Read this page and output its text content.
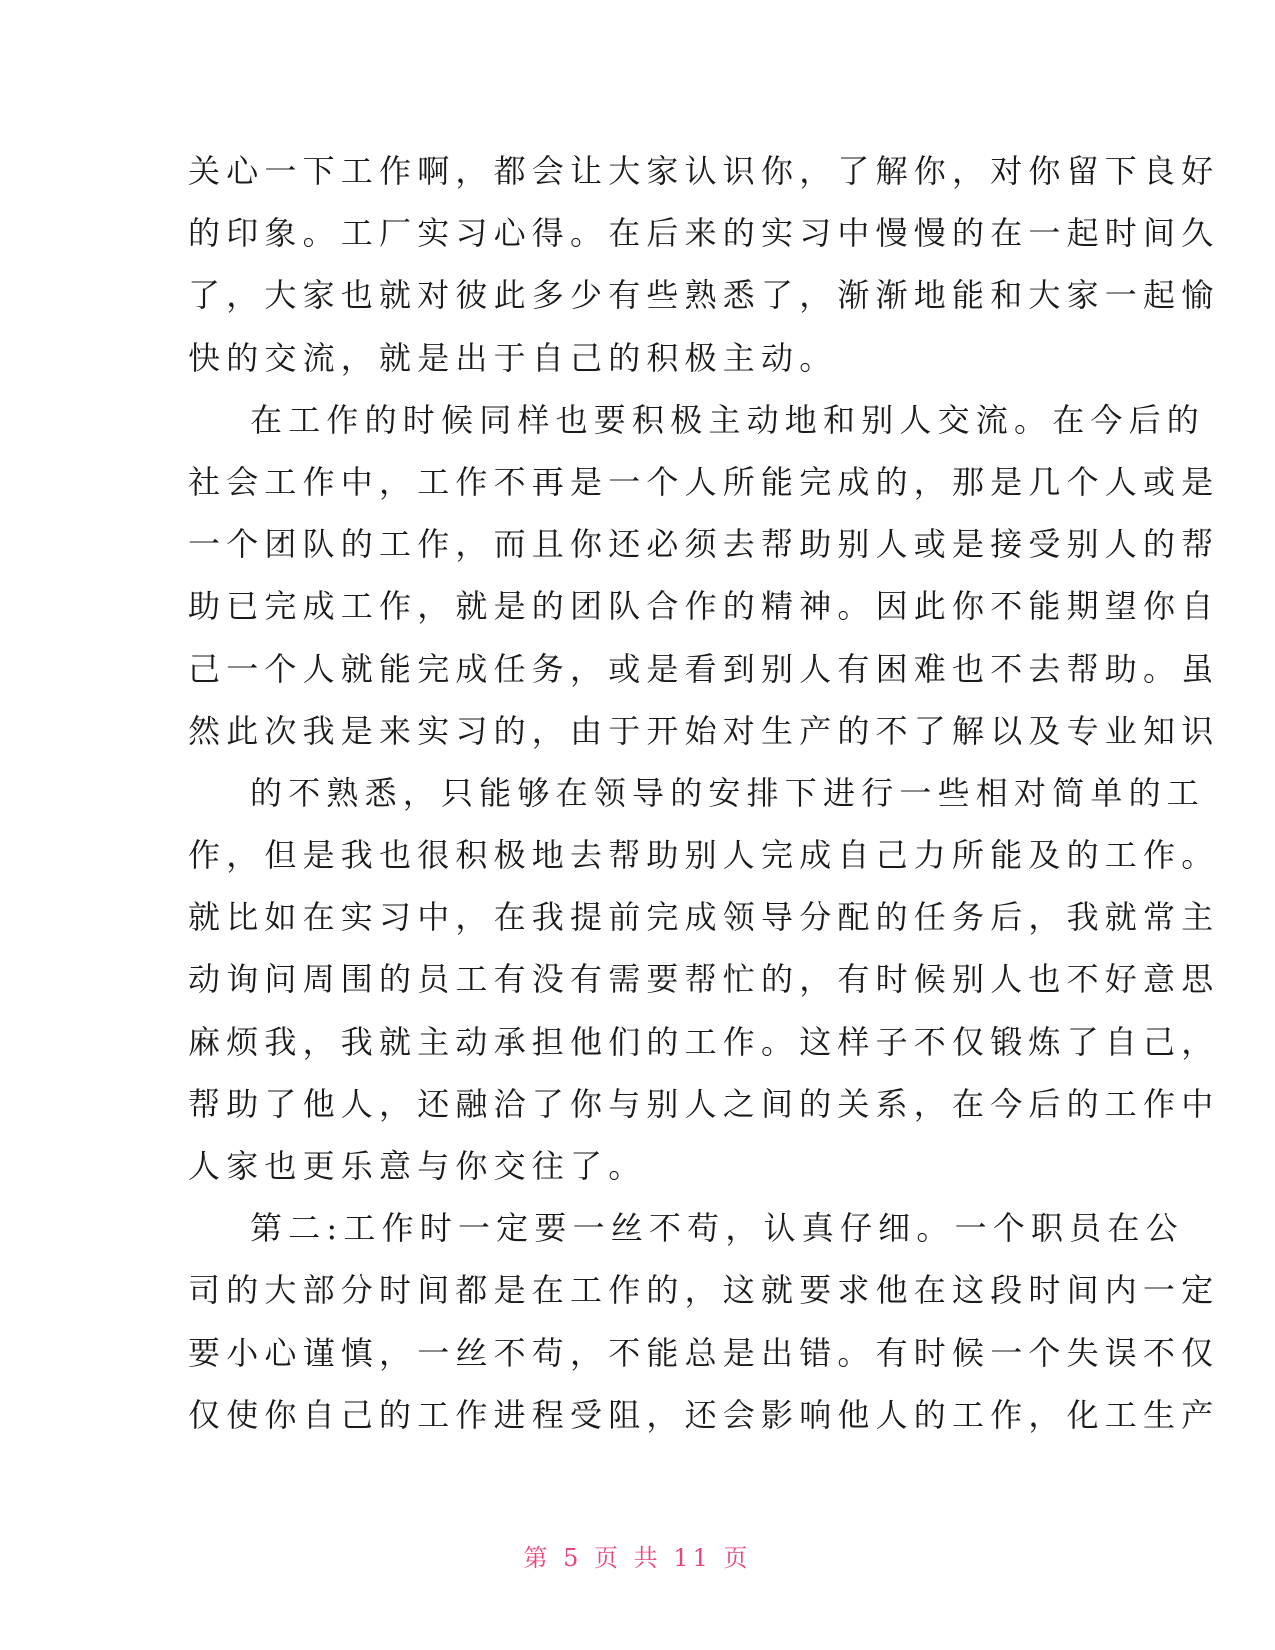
关心一下工作啊，都会让大家认识你，了解你，对你留下良好
的印象。工厂实习心得。在后来的实习中慢慢的在一起时间久
了，大家也就对彼此多少有些熟悉了，渐渐地能和大家一起愉
快的交流，就是出于自己的积极主动。
在工作的时候同样也要积极主动地和别人交流。在今后的
社会工作中，工作不再是一个人所能完成的，那是几个人或是
一个团队的工作，而且你还必须去帮助别人或是接受别人的帮
助已完成工作，就是的团队合作的精神。因此你不能期望你自
己一个人就能完成任务，或是看到别人有困难也不去帮助。虽
然此次我是来实习的，由于开始对生产的不了解以及专业知识
的不熟悉，只能够在领导的安排下进行一些相对简单的工
作，但是我也很积极地去帮助别人完成自己力所能及的工作。
就比如在实习中，在我提前完成领导分配的任务后，我就常主
动询问周围的员工有没有需要帮忙的，有时候别人也不好意思
麻烦我，我就主动承担他们的工作。这样子不仅锻炼了自己，
帮助了他人，还融洽了你与别人之间的关系，在今后的工作中
人家也更乐意与你交往了。
第二:工作时一定要一丝不苟，认真仔细。一个职员在公
司的大部分时间都是在工作的，这就要求他在这段时间内一定
要小心谨慎，一丝不苟，不能总是出错。有时候一个失误不仅
仅使你自己的工作进程受阻，还会影响他人的工作，化工生产
第 5 页 共 11 页
